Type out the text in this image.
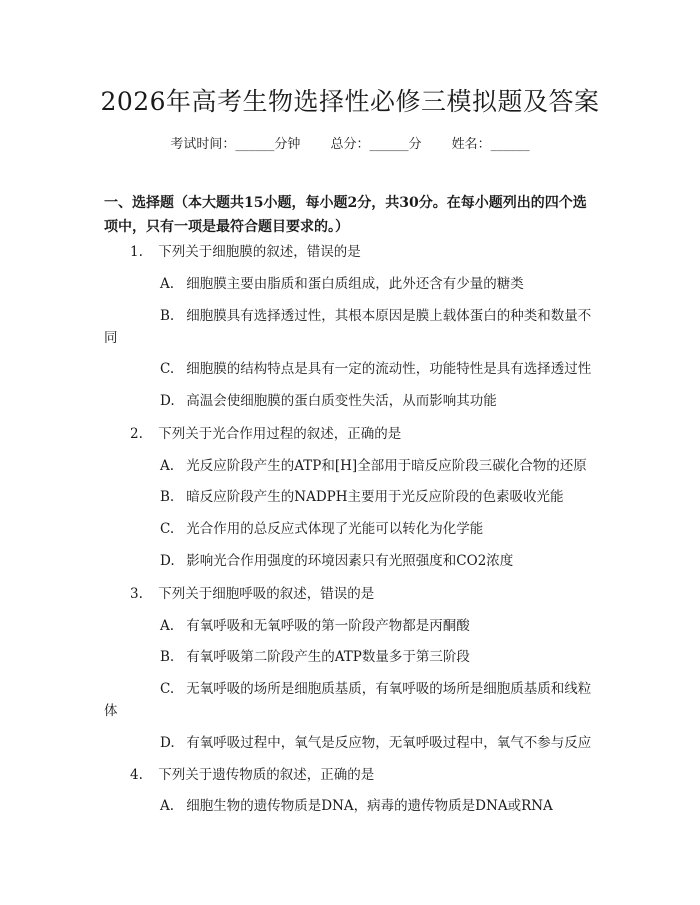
2026年高考生物选择性必修三模拟题及答案
考试时间：______分钟 总分：______分 姓名：______
一、选择题（本大题共15小题，每小题2分，共30分。在每小题列出的四个选项中，只有一项是最符合题目要求的。）
1. 下列关于细胞膜的叙述，错误的是
A. 细胞膜主要由脂质和蛋白质组成，此外还含有少量的糖类
B. 细胞膜具有选择透过性，其根本原因是膜上载体蛋白的种类和数量不
同
C. 细胞膜的结构特点是具有一定的流动性，功能特性是具有选择透过性
D. 高温会使细胞膜的蛋白质变性失活，从而影响其功能
2. 下列关于光合作用过程的叙述，正确的是
A. 光反应阶段产生的ATP和[H]全部用于暗反应阶段三碳化合物的还原
B. 暗反应阶段产生的NADPH主要用于光反应阶段的色素吸收光能
C. 光合作用的总反应式体现了光能可以转化为化学能
D. 影响光合作用强度的环境因素只有光照强度和CO2浓度
3. 下列关于细胞呼吸的叙述，错误的是
A. 有氧呼吸和无氧呼吸的第一阶段产物都是丙酮酸
B. 有氧呼吸第二阶段产生的ATP数量多于第三阶段
C. 无氧呼吸的场所是细胞质基质，有氧呼吸的场所是细胞质基质和线粒
体
D. 有氧呼吸过程中，氧气是反应物，无氧呼吸过程中，氧气不参与反应
4. 下列关于遗传物质的叙述，正确的是
A. 细胞生物的遗传物质是DNA，病毒的遗传物质是DNA或RNA
